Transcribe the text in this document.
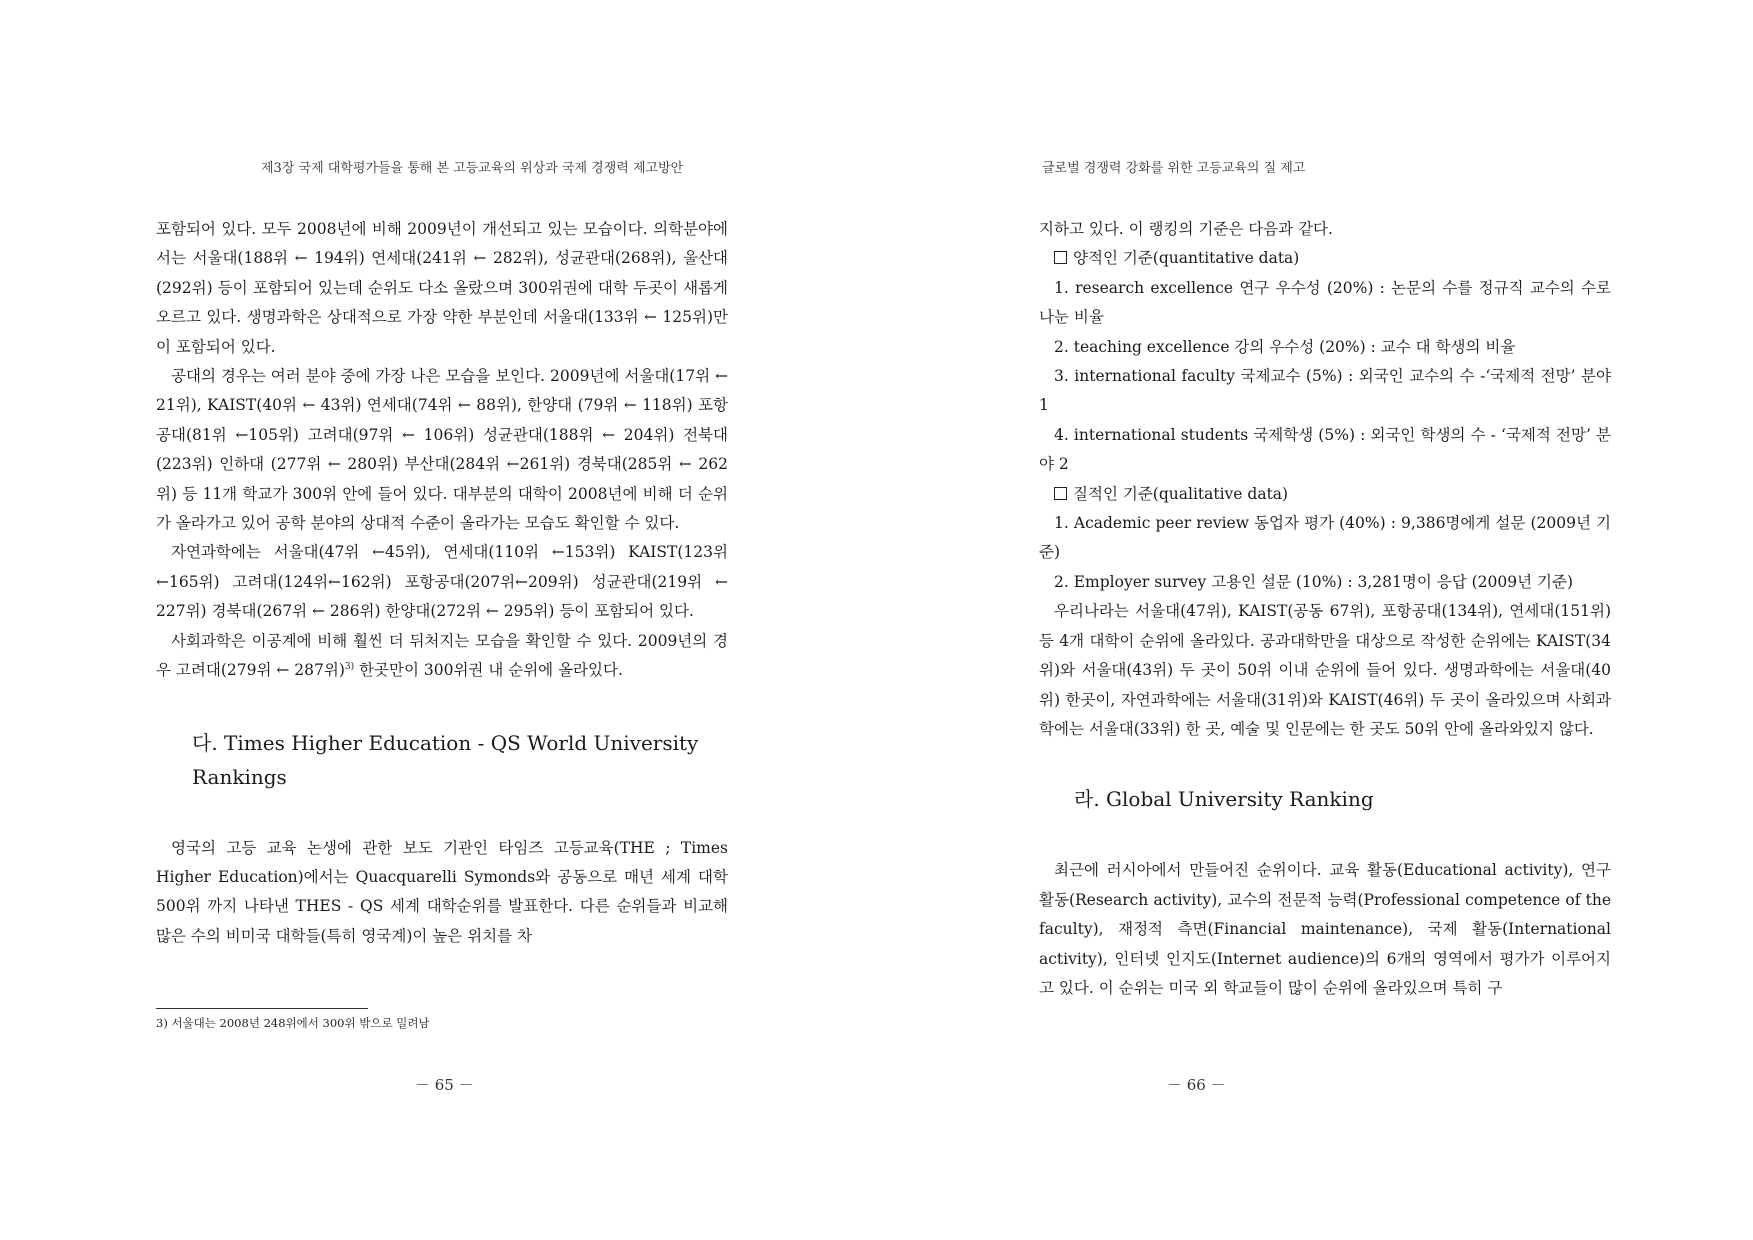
제3장 국제 대학평가들을 통해 본 고등교육의 위상과 국제 경쟁력 제고방안

포함되어 있다. 모두 2008년에 비해 2009년이 개선되고 있는 모습이다. 의학분야에서는 서울대(188위 ← 194위) 연세대(241위 ← 282위), 성균관대(268위), 울산대(292위) 등이 포함되어 있는데 순위도 다소 올랐으며 300위권에 대학 두곳이 새롭게 오르고 있다. 생명과학은 상대적으로 가장 약한 부분인데 서울대(133위 ← 125위)만이 포함되어 있다.

공대의 경우는 여러 분야 중에 가장 나은 모습을 보인다. 2009년에 서울대(17위 ← 21위), KAIST(40위 ← 43위) 연세대(74위 ← 88위), 한양대 (79위 ← 118위) 포항공대(81위 ←105위) 고려대(97위 ← 106위) 성균관대(188위 ← 204위) 전북대(223위) 인하대 (277위 ← 280위) 부산대(284위 ←261위) 경북대(285위 ← 262위) 등 11개 학교가 300위 안에 들어 있다. 대부분의 대학이 2008년에 비해 더 순위가 올라가고 있어 공학 분야의 상대적 수준이 올라가는 모습도 확인할 수 있다.

자연과학에는 서울대(47위 ←45위), 연세대(110위 ←153위) KAIST(123위←165위) 고려대(124위←162위) 포항공대(207위←209위) 성균관대(219위 ← 227위) 경북대(267위 ← 286위) 한양대(272위 ← 295위) 등이 포함되어 있다.

사회과학은 이공계에 비해 훨씬 더 뒤처지는 모습을 확인할 수 있다. 2009년의 경우 고려대(279위 ← 287위)$^{3)}$ 한곳만이 300위권 내 순위에 올라있다.

다. Times Higher Education - QS World University
Rankings

영국의 고등 교육 논생에 관한 보도 기관인 타임즈 고등교육(THE ; Times Higher Education)에서는 Quacquarelli Symonds와 공동으로 매년 세계 대학 500위 까지 나타낸 THES - QS 세계 대학순위를 발표한다. 다른 순위들과 비교해 많은 수의 비미국 대학들(특히 영국계)이 높은 위치를 차

3) 서울대는 2008년 248위에서 300위 밖으로 밀려남
－ 65 －
글로벌 경쟁력 강화를 위한 고등교육의 질 제고

지하고 있다. 이 랭킹의 기준은 다음과 같다.

양적인 기준(quantitative data)

1. research excellence 연구 우수성 (20%) : 논문의 수를 정규직 교수의 수로 나눈 비율

2. teaching excellence 강의 우수성 (20%) : 교수 대 학생의 비율

3. international faculty 국제교수 (5%) : 외국인 교수의 수 -‘국제적 전망’ 분야 1

4. international students 국제학생 (5%) : 외국인 학생의 수 - ‘국제적 전망’ 분야 2

질적인 기준(qualitative data)

1. Academic peer review 동업자 평가 (40%) : 9,386명에게 설문 (2009년 기준)

2. Employer survey 고용인 설문 (10%) : 3,281명이 응답 (2009년 기준)

우리나라는 서울대(47위), KAIST(공동 67위), 포항공대(134위), 연세대(151위) 등 4개 대학이 순위에 올라있다. 공과대학만을 대상으로 작성한 순위에는 KAIST(34위)와 서울대(43위) 두 곳이 50위 이내 순위에 들어 있다. 생명과학에는 서울대(40위) 한곳이, 자연과학에는 서울대(31위)와 KAIST(46위) 두 곳이 올라있으며 사회과학에는 서울대(33위) 한 곳, 예술 및 인문에는 한 곳도 50위 안에 올라와있지 않다.

라. Global University Ranking

최근에 러시아에서 만들어진 순위이다. 교육 활동(Educational activity), 연구 활동(Research activity), 교수의 전문적 능력(Professional competence of the faculty), 재정적 측면(Financial maintenance), 국제 활동(International activity), 인터넷 인지도(Internet audience)의 6개의 영역에서 평가가 이루어지고 있다. 이 순위는 미국 외 학교들이 많이 순위에 올라있으며 특히 구

－ 66 －
